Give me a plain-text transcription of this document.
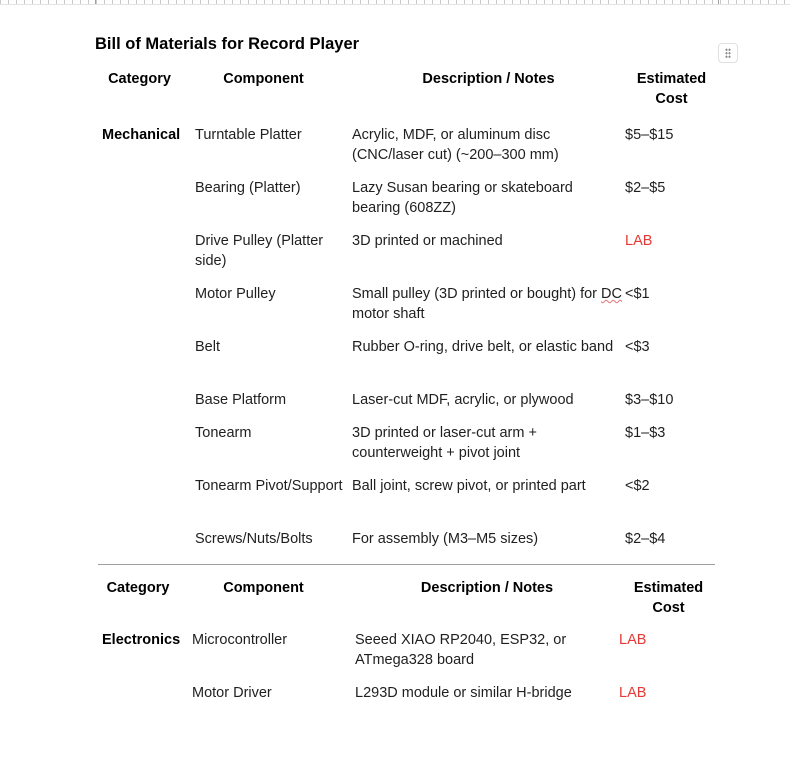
Bill of Materials for Record Player
Category	Component	Description / Notes	Estimated Cost
Mechanical	Turntable Platter	Acrylic, MDF, or aluminum disc (CNC/laser cut) (~200–300 mm)	$5–$15
	Bearing (Platter)	Lazy Susan bearing or skateboard bearing (608ZZ)	$2–$5
	Drive Pulley (Platter side)	3D printed or machined	LAB
	Motor Pulley	Small pulley (3D printed or bought) for DC motor shaft	<$1
	Belt	Rubber O-ring, drive belt, or elastic band	<$3
	Base Platform	Laser-cut MDF, acrylic, or plywood	$3–$10
	Tonearm	3D printed or laser-cut arm + counterweight + pivot joint	$1–$3
	Tonearm Pivot/Support	Ball joint, screw pivot, or printed part	<$2
	Screws/Nuts/Bolts	For assembly (M3–M5 sizes)	$2–$4
Category	Component	Description / Notes	Estimated Cost
Electronics	Microcontroller	Seeed XIAO RP2040, ESP32, or ATmega328 board	LAB
	Motor Driver	L293D module or similar H-bridge	LAB
